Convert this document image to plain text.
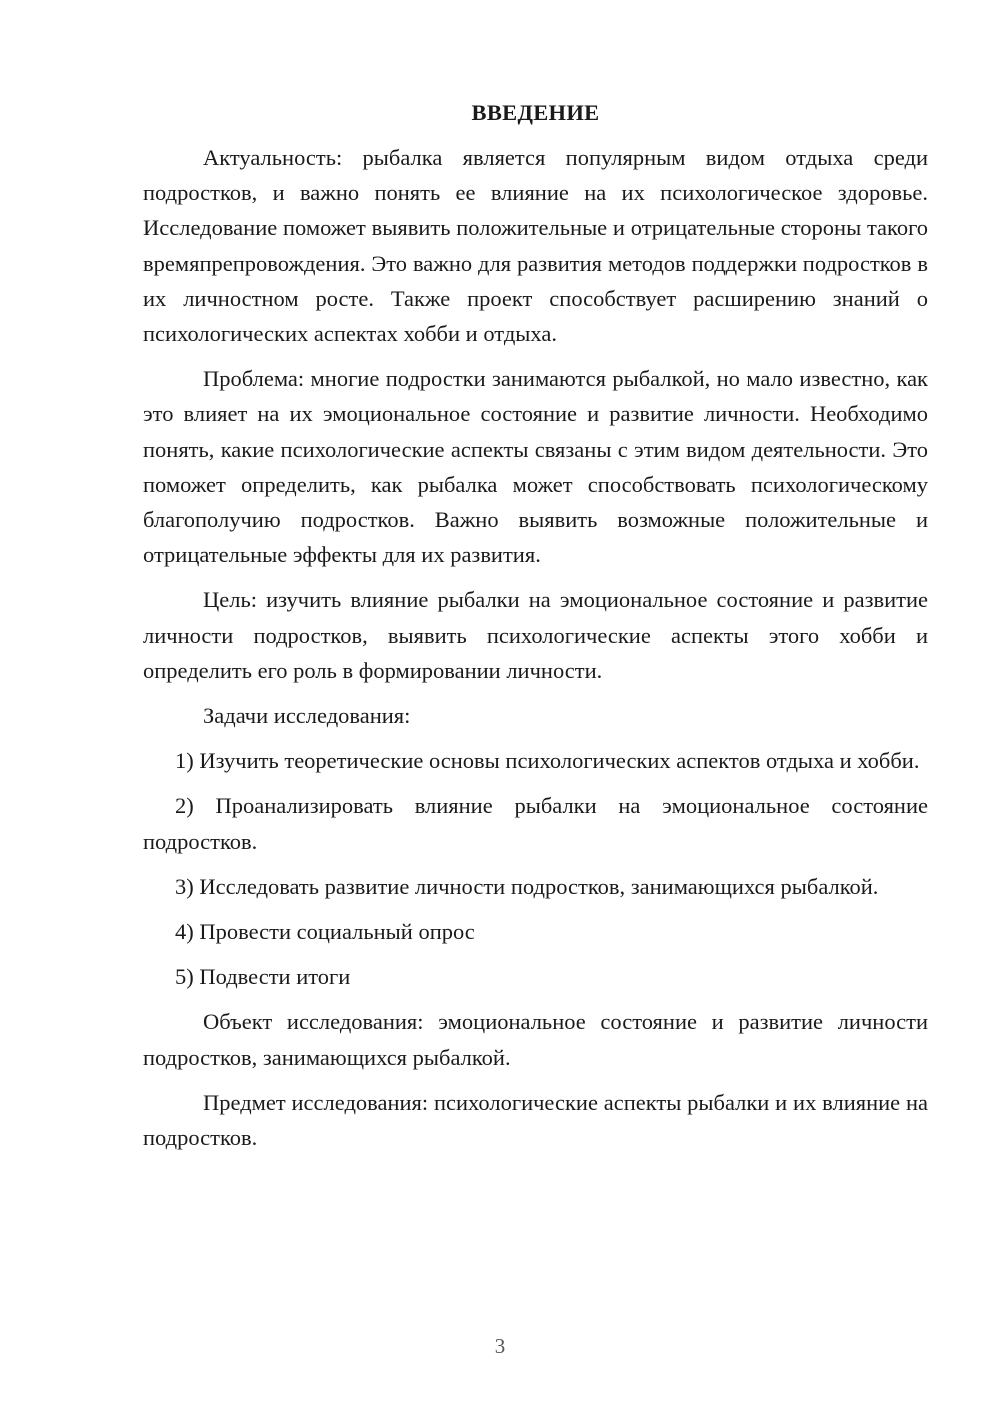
ВВЕДЕНИЕ

Актуальность: рыбалка является популярным видом отдыха среди подростков, и важно понять ее влияние на их психологическое здоровье. Исследование поможет выявить положительные и отрицательные стороны такого времяпрепровождения. Это важно для развития методов поддержки подростков в их личностном росте. Также проект способствует расширению знаний о психологических аспектах хобби и отдыха.

Проблема: многие подростки занимаются рыбалкой, но мало известно, как это влияет на их эмоциональное состояние и развитие личности. Необходимо понять, какие психологические аспекты связаны с этим видом деятельности. Это поможет определить, как рыбалка может способствовать психологическому благополучию подростков. Важно выявить возможные положительные и отрицательные эффекты для их развития.

Цель: изучить влияние рыбалки на эмоциональное состояние и развитие личности подростков, выявить психологические аспекты этого хобби и определить его роль в формировании личности.

Задачи исследования:

1) Изучить теоретические основы психологических аспектов отдыха и хобби.

2) Проанализировать влияние рыбалки на эмоциональное состояние подростков.

3) Исследовать развитие личности подростков, занимающихся рыбалкой.

4) Провести социальный опрос

5) Подвести итоги

Объект исследования: эмоциональное состояние и развитие личности подростков, занимающихся рыбалкой.

Предмет исследования: психологические аспекты рыбалки и их влияние на подростков.

3
